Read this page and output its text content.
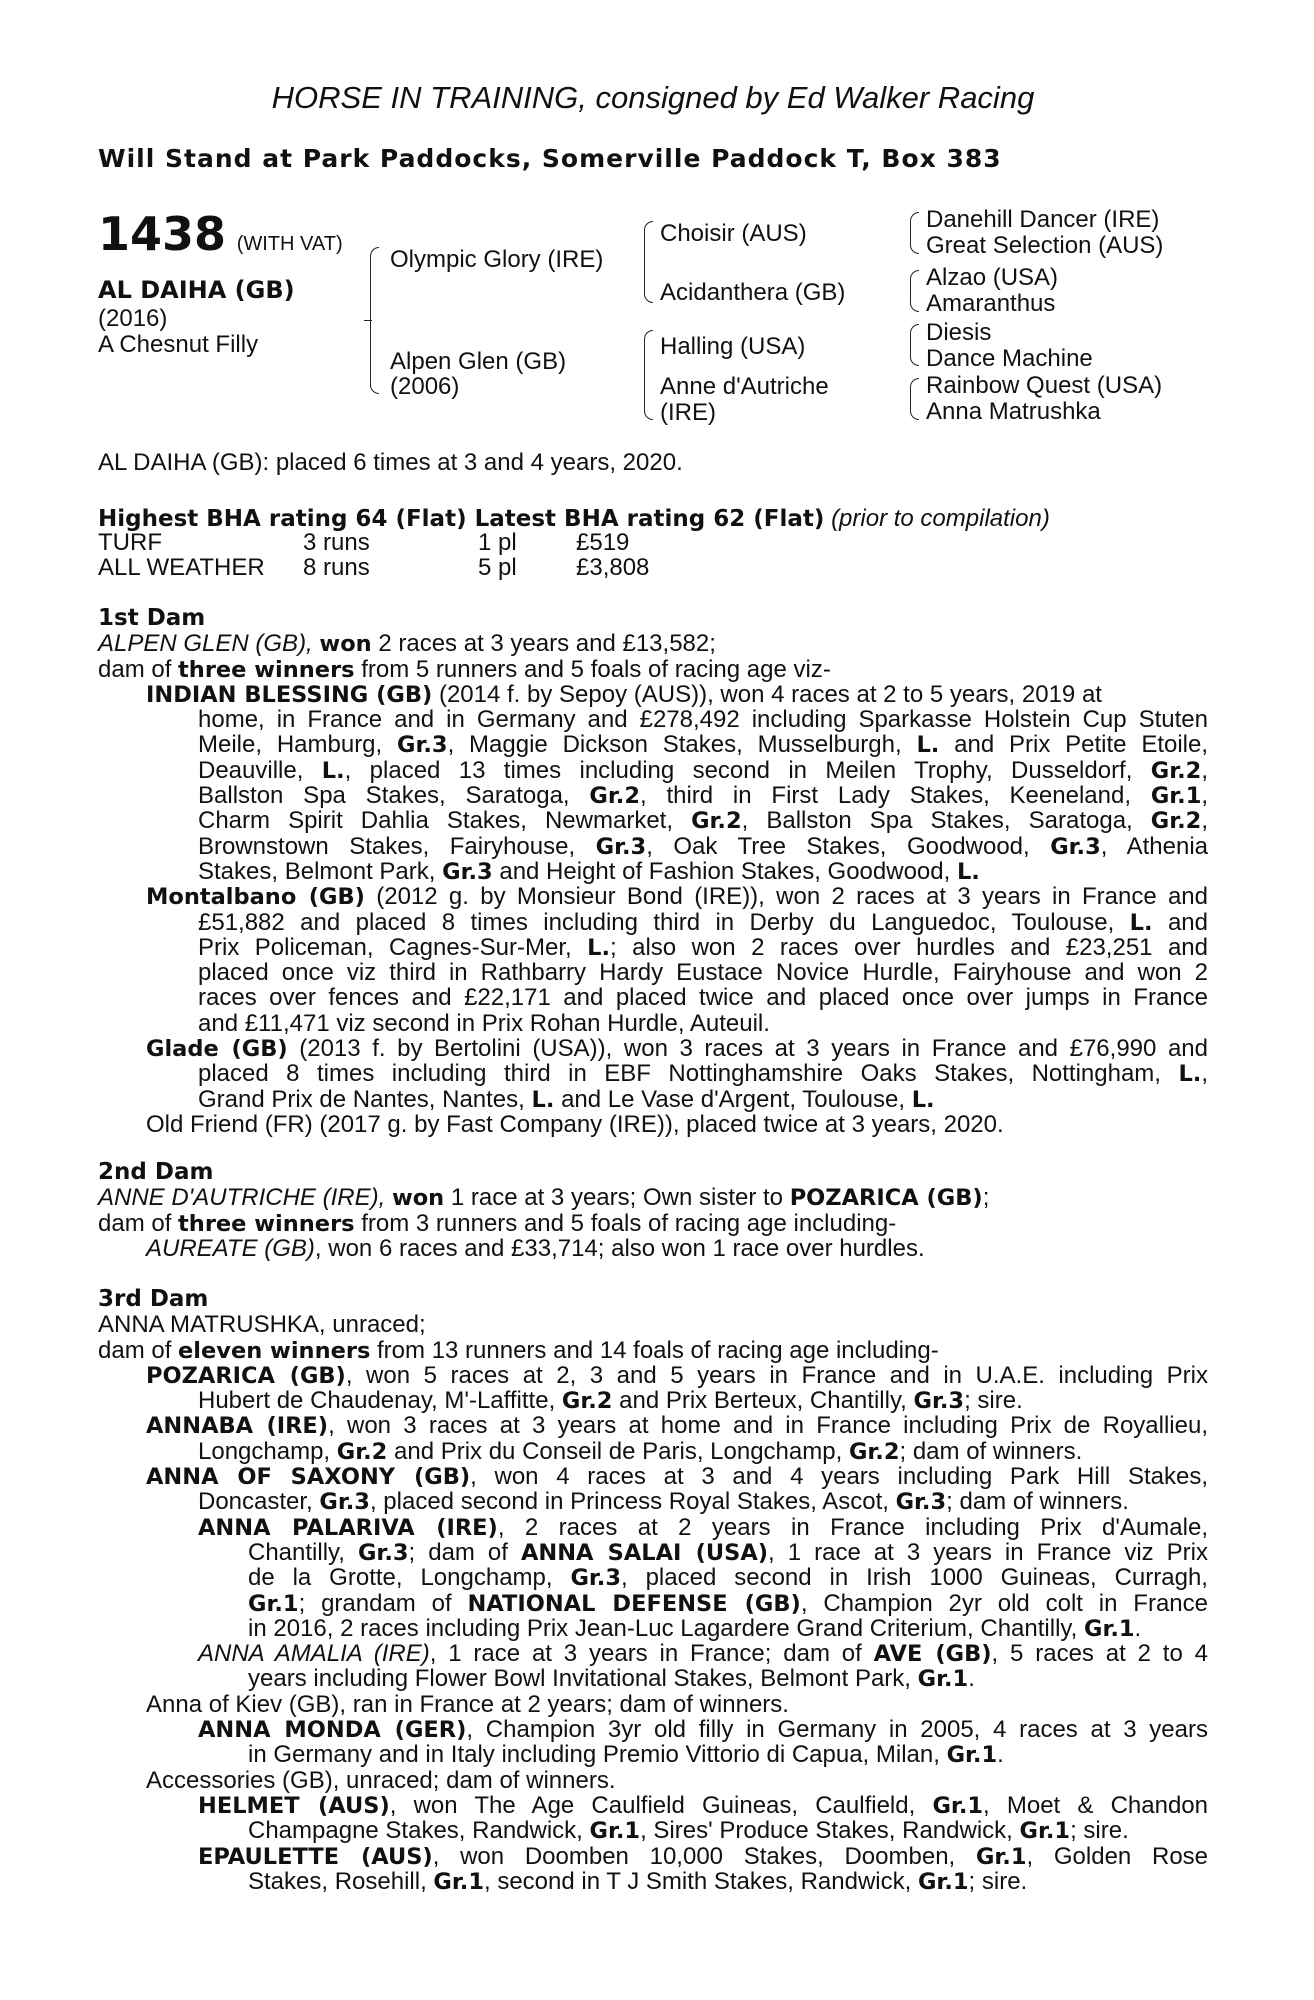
HORSE IN TRAINING, consigned by Ed Walker Racing
Will Stand at Park Paddocks, Somerville Paddock T, Box 383
1438 (WITH VAT)
AL DAIHA (GB)
(2016)
A Chesnut Filly
Olympic Glory (IRE)
Alpen Glen (GB)
(2006)
Choisir (AUS)
Acidanthera (GB)
Halling (USA)
Anne d'Autriche
(IRE)
Danehill Dancer (IRE)
Great Selection (AUS)
Alzao (USA)
Amaranthus
Diesis
Dance Machine
Rainbow Quest (USA)
Anna Matrushka
AL DAIHA (GB): placed 6 times at 3 and 4 years, 2020.
Highest BHA rating 64 (Flat) Latest BHA rating 62 (Flat) (prior to compilation)
TURF	3 runs	1 pl	£519
ALL WEATHER	8 runs	5 pl	£3,808
1st Dam
ALPEN GLEN (GB), won 2 races at 3 years and £13,582;
dam of three winners from 5 runners and 5 foals of racing age viz-
INDIAN BLESSING (GB) (2014 f. by Sepoy (AUS)), won 4 races at 2 to 5 years, 2019 at
home, in France and in Germany and £278,492 including Sparkasse Holstein Cup Stuten
Meile, Hamburg, Gr.3, Maggie Dickson Stakes, Musselburgh, L. and Prix Petite Etoile,
Deauville, L., placed 13 times including second in Meilen Trophy, Dusseldorf, Gr.2,
Ballston Spa Stakes, Saratoga, Gr.2, third in First Lady Stakes, Keeneland, Gr.1,
Charm Spirit Dahlia Stakes, Newmarket, Gr.2, Ballston Spa Stakes, Saratoga, Gr.2,
Brownstown Stakes, Fairyhouse, Gr.3, Oak Tree Stakes, Goodwood, Gr.3, Athenia
Stakes, Belmont Park, Gr.3 and Height of Fashion Stakes, Goodwood, L.
Montalbano (GB) (2012 g. by Monsieur Bond (IRE)), won 2 races at 3 years in France and
£51,882 and placed 8 times including third in Derby du Languedoc, Toulouse, L. and
Prix Policeman, Cagnes-Sur-Mer, L.; also won 2 races over hurdles and £23,251 and
placed once viz third in Rathbarry Hardy Eustace Novice Hurdle, Fairyhouse and won 2
races over fences and £22,171 and placed twice and placed once over jumps in France
and £11,471 viz second in Prix Rohan Hurdle, Auteuil.
Glade (GB) (2013 f. by Bertolini (USA)), won 3 races at 3 years in France and £76,990 and
placed 8 times including third in EBF Nottinghamshire Oaks Stakes, Nottingham, L.,
Grand Prix de Nantes, Nantes, L. and Le Vase d'Argent, Toulouse, L.
Old Friend (FR) (2017 g. by Fast Company (IRE)), placed twice at 3 years, 2020.
2nd Dam
ANNE D'AUTRICHE (IRE), won 1 race at 3 years; Own sister to POZARICA (GB);
dam of three winners from 3 runners and 5 foals of racing age including-
AUREATE (GB), won 6 races and £33,714; also won 1 race over hurdles.
3rd Dam
ANNA MATRUSHKA, unraced;
dam of eleven winners from 13 runners and 14 foals of racing age including-
POZARICA (GB), won 5 races at 2, 3 and 5 years in France and in U.A.E. including Prix
Hubert de Chaudenay, M'-Laffitte, Gr.2 and Prix Berteux, Chantilly, Gr.3; sire.
ANNABA (IRE), won 3 races at 3 years at home and in France including Prix de Royallieu,
Longchamp, Gr.2 and Prix du Conseil de Paris, Longchamp, Gr.2; dam of winners.
ANNA OF SAXONY (GB), won 4 races at 3 and 4 years including Park Hill Stakes,
Doncaster, Gr.3, placed second in Princess Royal Stakes, Ascot, Gr.3; dam of winners.
ANNA PALARIVA (IRE), 2 races at 2 years in France including Prix d'Aumale,
Chantilly, Gr.3; dam of ANNA SALAI (USA), 1 race at 3 years in France viz Prix
de la Grotte, Longchamp, Gr.3, placed second in Irish 1000 Guineas, Curragh,
Gr.1; grandam of NATIONAL DEFENSE (GB), Champion 2yr old colt in France
in 2016, 2 races including Prix Jean-Luc Lagardere Grand Criterium, Chantilly, Gr.1.
ANNA AMALIA (IRE), 1 race at 3 years in France; dam of AVE (GB), 5 races at 2 to 4
years including Flower Bowl Invitational Stakes, Belmont Park, Gr.1.
Anna of Kiev (GB), ran in France at 2 years; dam of winners.
ANNA MONDA (GER), Champion 3yr old filly in Germany in 2005, 4 races at 3 years
in Germany and in Italy including Premio Vittorio di Capua, Milan, Gr.1.
Accessories (GB), unraced; dam of winners.
HELMET (AUS), won The Age Caulfield Guineas, Caulfield, Gr.1, Moet & Chandon
Champagne Stakes, Randwick, Gr.1, Sires' Produce Stakes, Randwick, Gr.1; sire.
EPAULETTE (AUS), won Doomben 10,000 Stakes, Doomben, Gr.1, Golden Rose
Stakes, Rosehill, Gr.1, second in T J Smith Stakes, Randwick, Gr.1; sire.
